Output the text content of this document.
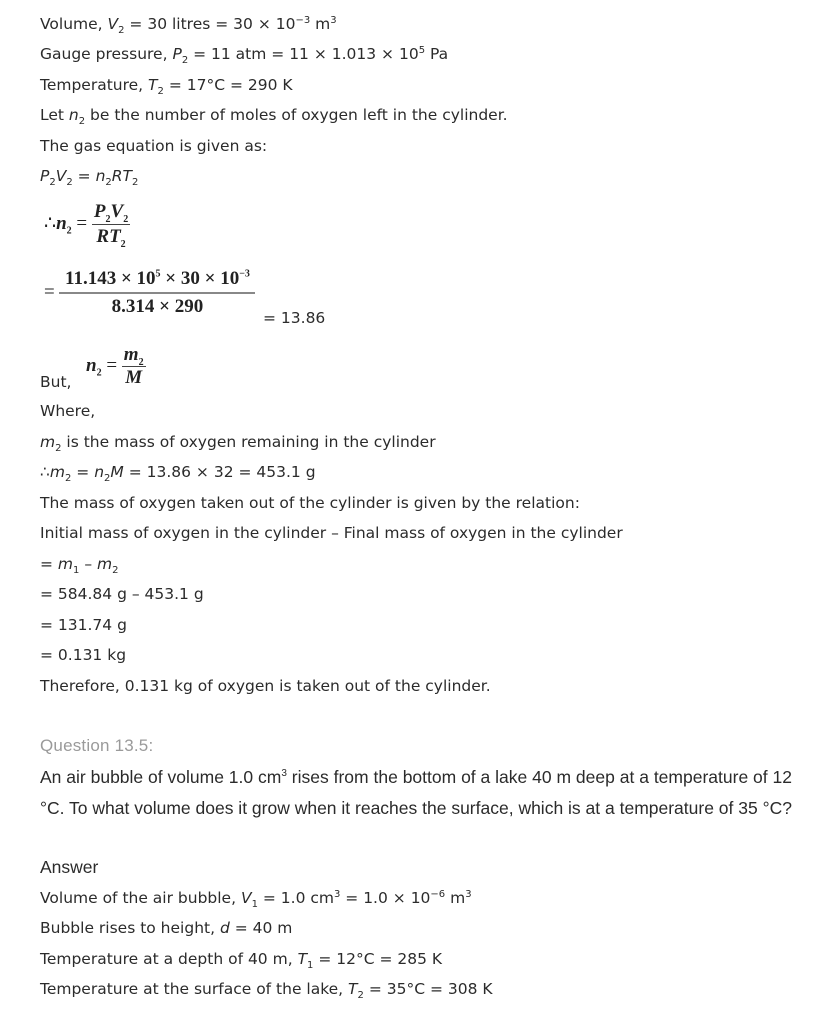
Volume, $V_2 = 30$ litres = $30 \times 10^{-3}$ $m^3$
Gauge pressure, $P_2 = 11$ atm = $11 \times 1.013 \times 10^5$ Pa
Temperature, $T_2 = 17^\circ C = 290$ K
Let $n_2$ be the number of moles of oxygen left in the cylinder.
The gas equation is given as:
$P_2V_2 = n_2RT_2$
$\therefore n_2 = \frac{P_2V_2}{RT_2}$
= $\frac{11.143 \times 10^5 \times 30 \times 10^{-3}}{8.314 \times 290} = 13.86$
But,
$n_2 = \frac{m_2}{M}$
Where,
$m_2$ is the mass of oxygen remaining in the cylinder
$\therefore m_2 = n_2M = 13.86 \times 32 = 453.1$ g
The mass of oxygen taken out of the cylinder is given by the relation:
Initial mass of oxygen in the cylinder – Final mass of oxygen in the cylinder
= $m_1 - m_2$
= 584.84 g – 453.1 g
= 131.74 g
= 0.131 kg
Therefore, 0.131 kg of oxygen is taken out of the cylinder.
Question 13.5:
An air bubble of volume 1.0 $cm^3$ rises from the bottom of a lake 40 m deep at a temperature of 12 °C. To what volume does it grow when it reaches the surface, which is at a temperature of 35 °C?
Answer
Volume of the air bubble, $V_1 = 1.0$ $cm^3 = 1.0 \times 10^{-6}$ $m^3$
Bubble rises to height, d = 40 m
Temperature at a depth of 40 m, $T_1 = 12^\circ C = 285$ K
Temperature at the surface of the lake, $T_2 = 35^\circ C = 308$ K
